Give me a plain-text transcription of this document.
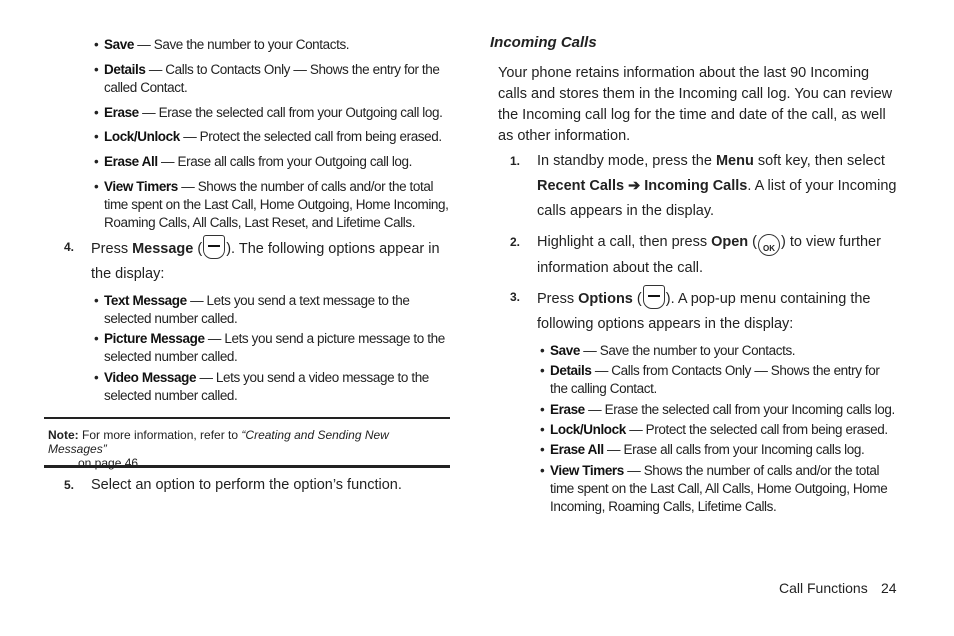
• Save — Save the number to your Contacts.
• Details — Calls to Contacts Only — Shows the entry for the called Contact.
• Erase — Erase the selected call from your Outgoing call log.
• Lock/Unlock — Protect the selected call from being erased.
• Erase All — Erase all calls from your Outgoing call log.
• View Timers — Shows the number of calls and/or the total time spent on the Last Call, Home Outgoing, Home Incoming, Roaming Calls, All Calls, Last Reset, and Lifetime Calls.
4. Press Message ( ). The following options appear in the display:
• Text Message — Lets you send a text message to the selected number called.
• Picture Message — Lets you send a picture message to the selected number called.
• Video Message — Lets you send a video message to the selected number called.
Note: For more information, refer to “Creating and Sending New Messages”
on page 46.
5. Select an option to perform the option’s function.
Incoming Calls
Your phone retains information about the last 90 Incoming calls and stores them in the Incoming call log. You can review the Incoming call log for the time and date of the call, as well as other information.
1. In standby mode, press the Menu soft key, then select
Recent Calls ➔ Incoming Calls. A list of your Incoming
calls appears in the display.
2. Highlight a call, then press Open ( OK ) to view further
information about the call.
3. Press Options ( ). A pop-up menu containing the
following options appears in the display:
• Save — Save the number to your Contacts.
• Details — Calls from Contacts Only — Shows the entry for the calling Contact.
• Erase — Erase the selected call from your Incoming calls log.
• Lock/Unlock — Protect the selected call from being erased.
• Erase All — Erase all calls from your Incoming calls log.
• View Timers — Shows the number of calls and/or the total time spent on the Last Call, All Calls, Home Outgoing, Home Incoming, Roaming Calls, Lifetime Calls.
Call Functions 24
